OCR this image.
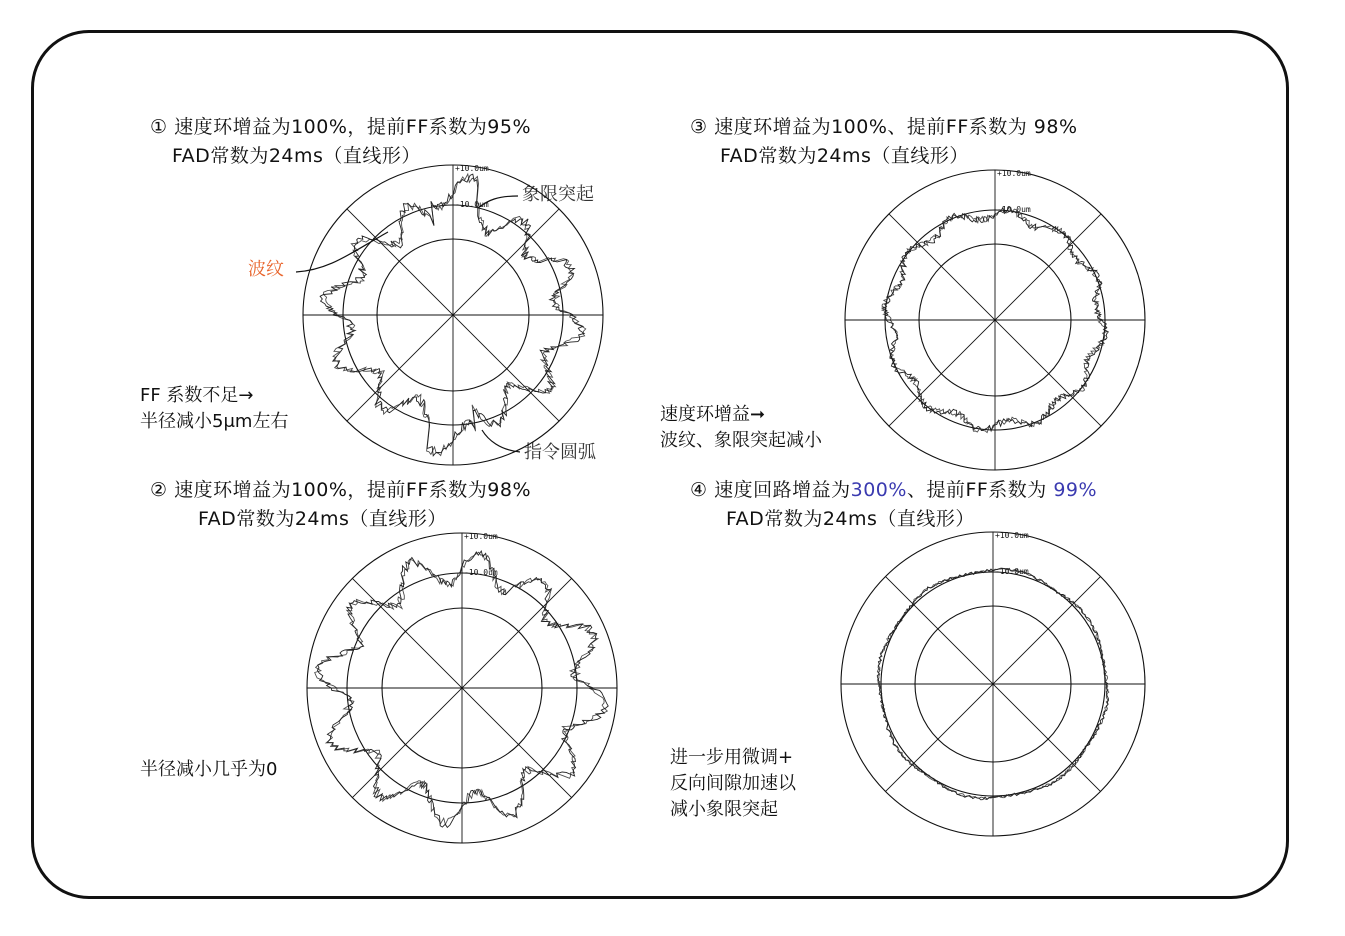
① 速度环增益为100%，提前FF系数为95%
FAD常数为24ms（直线形）
③ 速度环增益为100%、提前FF系数为 98%
FAD常数为24ms（直线形）
② 速度环增益为100%，提前FF系数为98%
FAD常数为24ms（直线形）
④ 速度回路增益为300%、提前FF系数为 99%
FAD常数为24ms（直线形）
象限突起
波纹
指令圆弧
FF 系数不足→
半径减小5μm左右
半径减小几乎为0
速度环增益➞
波纹、象限突起减小
进一步用微调+
反向间隙加速以
减小象限突起
+10.0um
-10.0um
+10.0um
-10.0um
+10.0um
-10.0um
+10.0um
-10.0um
